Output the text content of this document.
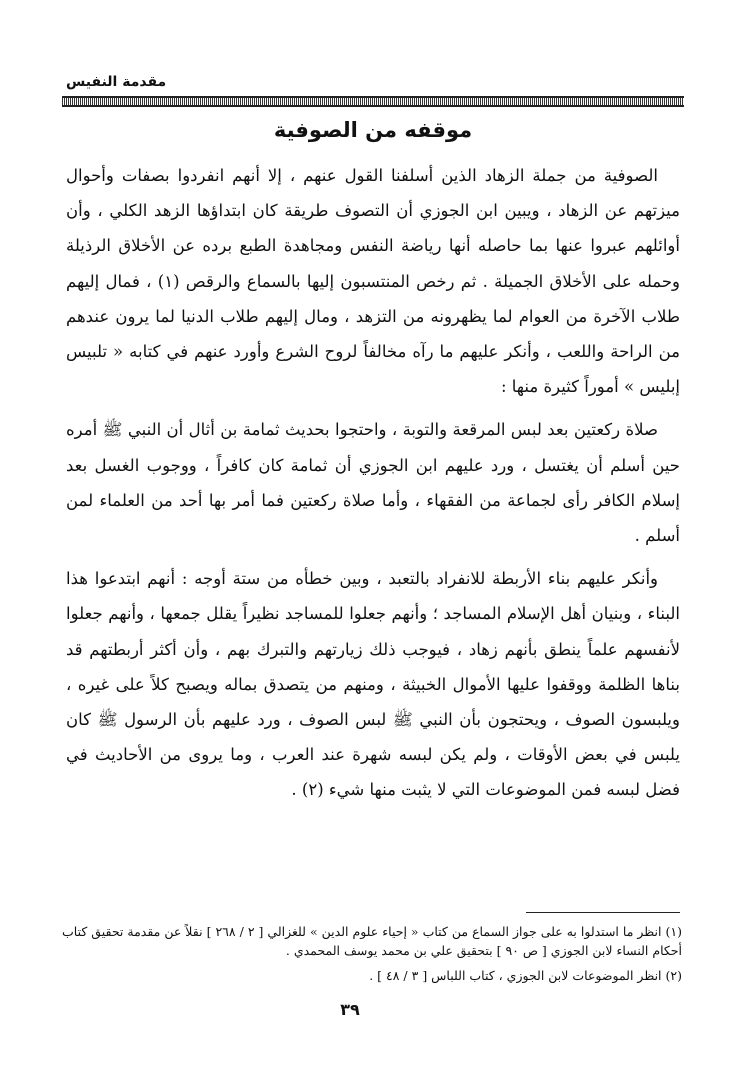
مقدمة النفيس
موقفه من الصوفية

الصوفية من جملة الزهاد الذين أسلفنا القول عنهم ، إلا أنهم انفردوا بصفات وأحوال ميزتهم عن الزهاد ، ويبين ابن الجوزي أن التصوف طريقة كان ابتداؤها الزهد الكلي ، وأن أوائلهم عبروا عنها بما حاصله أنها رياضة النفس ومجاهدة الطبع برده عن الأخلاق الرذيلة وحمله على الأخلاق الجميلة . ثم رخص المنتسبون إليها بالسماع والرقص (١) ، فمال إليهم طلاب الآخرة من العوام لما يظهرونه من التزهد ، ومال إليهم طلاب الدنيا لما يرون عندهم من الراحة واللعب ، وأنكر عليهم ما رآه مخالفاً لروح الشرع وأورد عنهم في كتابه « تلبيس إبليس » أموراً كثيرة منها :

صلاة ركعتين بعد لبس المرقعة والتوبة ، واحتجوا بحديث ثمامة بن أثال أن النبي ﷺ أمره حين أسلم أن يغتسل ، ورد عليهم ابن الجوزي أن ثمامة كان كافراً ، ووجوب الغسل بعد إسلام الكافر رأى لجماعة من الفقهاء ، وأما صلاة ركعتين فما أمر بها أحد من العلماء لمن أسلم .

وأنكر عليهم بناء الأربطة للانفراد بالتعبد ، وبين خطأه من ستة أوجه : أنهم ابتدعوا هذا البناء ، وبنيان أهل الإسلام المساجد ؛ وأنهم جعلوا للمساجد نظيراً يقلل جمعها ، وأنهم جعلوا لأنفسهم علماً ينطق بأنهم زهاد ، فيوجب ذلك زيارتهم والتبرك بهم ، وأن أكثر أربطتهم قد بناها الظلمة ووقفوا عليها الأموال الخبيثة ، ومنهم من يتصدق بماله ويصبح كلاً على غيره ، ويلبسون الصوف ، ويحتجون بأن النبي ﷺ لبس الصوف ، ورد عليهم بأن الرسول ﷺ كان يلبس في بعض الأوقات ، ولم يكن لبسه شهرة عند العرب ، وما يروى من الأحاديث في فضل لبسه فمن الموضوعات التي لا يثبت منها شيء (٢) .

(١) انظر ما استدلوا به على جواز السماع من كتاب « إحياء علوم الدين » للغزالي [ ٢ / ٢٦٨ ] نقلاً عن مقدمة تحقيق كتاب أحكام النساء لابن الجوزي [ ص ٩٠ ] بتحقيق علي بن محمد يوسف المحمدي .

(٢) انظر الموضوعات لابن الجوزي ، كتاب اللباس [ ٣ / ٤٨ ] .

٣٩
